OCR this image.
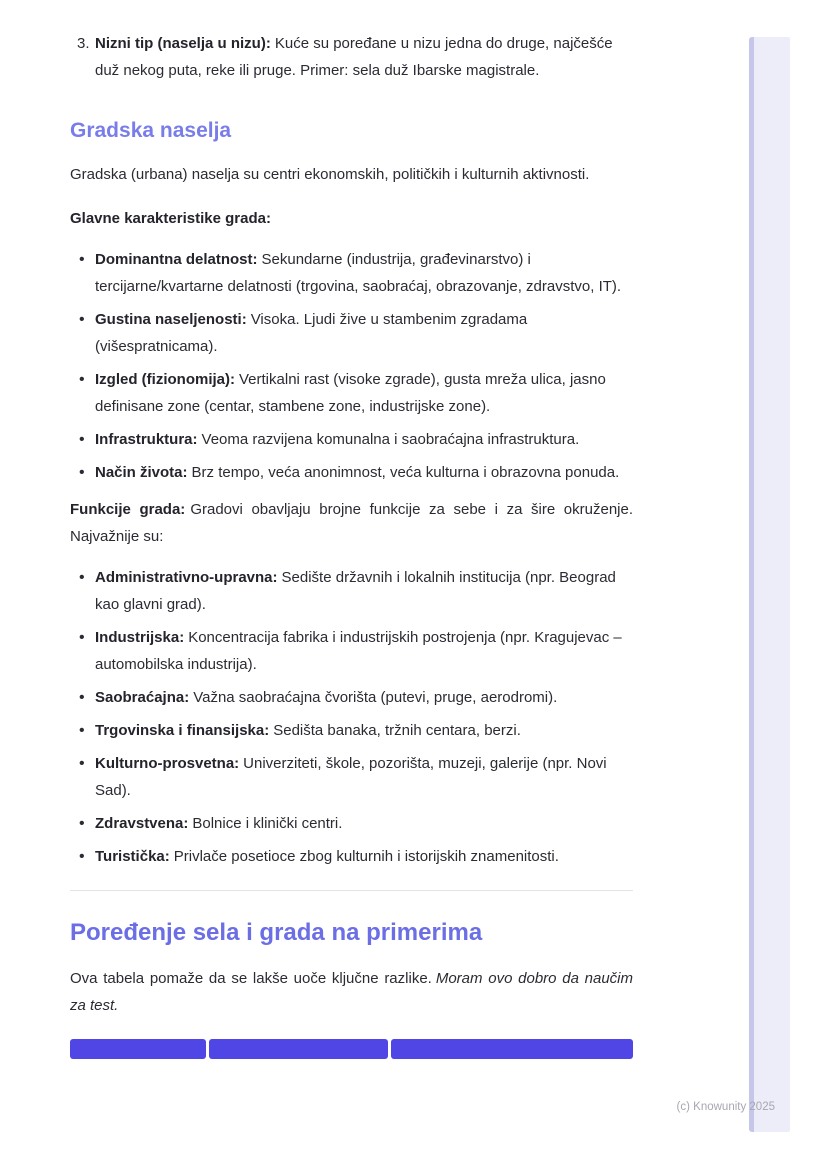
3. Nizni tip (naselja u nizu): Kuće su poređane u nizu jedna do druge, najčešće duž nekog puta, reke ili pruge. Primer: sela duž Ibarske magistrale.

Gradska naselja

Gradska (urbana) naselja su centri ekonomskih, političkih i kulturnih aktivnosti.

Glavne karakteristike grada:

•

Dominantna delatnost: Sekundarne (industrija, građevinarstvo) i tercijarne/kvartarne delatnosti (trgovina, saobraćaj, obrazovanje, zdravstvo, IT).

•

Gustina naseljenosti: Visoka. Ljudi žive u stambenim zgradama (višespratnicama).

•

Izgled (fizionomija): Vertikalni rast (visoke zgrade), gusta mreža ulica, jasno definisane zone (centar, stambene zone, industrijske zone).

•

Infrastruktura: Veoma razvijena komunalna i saobraćajna infrastruktura.

•

Način života: Brz tempo, veća anonimnost, veća kulturna i obrazovna ponuda.

Funkcije grada: Gradovi obavljaju brojne funkcije za sebe i za šire okruženje. Najvažnije su:

•

Administrativno-upravna: Sedište državnih i lokalnih institucija (npr. Beograd kao glavni grad).

•

Industrijska: Koncentracija fabrika i industrijskih postrojenja (npr. Kragujevac – automobilska industrija).

•

Saobraćajna: Važna saobraćajna čvorišta (putevi, pruge, aerodromi).

•

Trgovinska i finansijska: Sedišta banaka, tržnih centara, berzi.

•

Kulturno-prosvetna: Univerziteti, škole, pozorišta, muzeji, galerije (npr. Novi Sad).

•

Zdravstvena: Bolnice i klinički centri.

•

Turistička: Privlače posetioce zbog kulturnih i istorijskih znamenitosti.

Poređenje sela i grada na primerima

Ova tabela pomaže da se lakše uoče ključne razlike. Moram ovo dobro da naučim za test.

(c) Knowunity 2025
